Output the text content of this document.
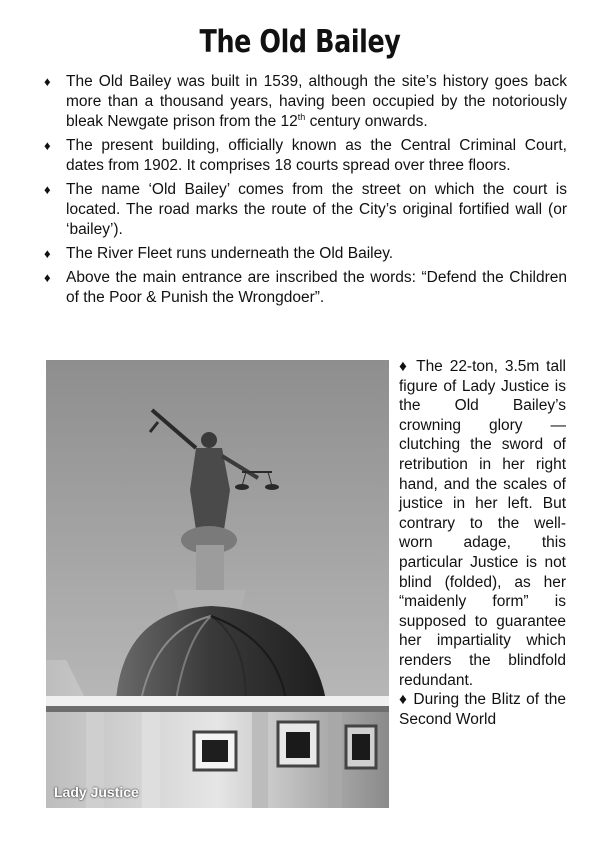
The Old Bailey
♦ The Old Bailey was built in 1539, although the site’s history goes back more than a thousand years, having been occupied by the notoriously bleak Newgate prison from the 12th century onwards.
♦ The present building, officially known as the Central Criminal Court, dates from 1902. It comprises 18 courts spread over three floors.
♦ The name ‘Old Bailey’ comes from the street on which the court is located. The road marks the route of the City’s original fortified wall (or ‘bailey’).
♦ The River Fleet runs underneath the Old Bailey.
♦ Above the main entrance are inscribed the words: “Defend the Children of the Poor & Punish the Wrongdoer”.
Lady Justice

♦ The 22-ton, 3.5m tall figure of Lady Justice is the Old Bailey’s crowning glory — clutching the sword of retribution in her right hand, and the scales of justice in her left. But contrary to the well-worn adage, this particular Justice is not blind (folded), as her “maidenly form” is supposed to guarantee her impartiality which renders the blindfold redundant.

♦ During the Blitz of the Second World
